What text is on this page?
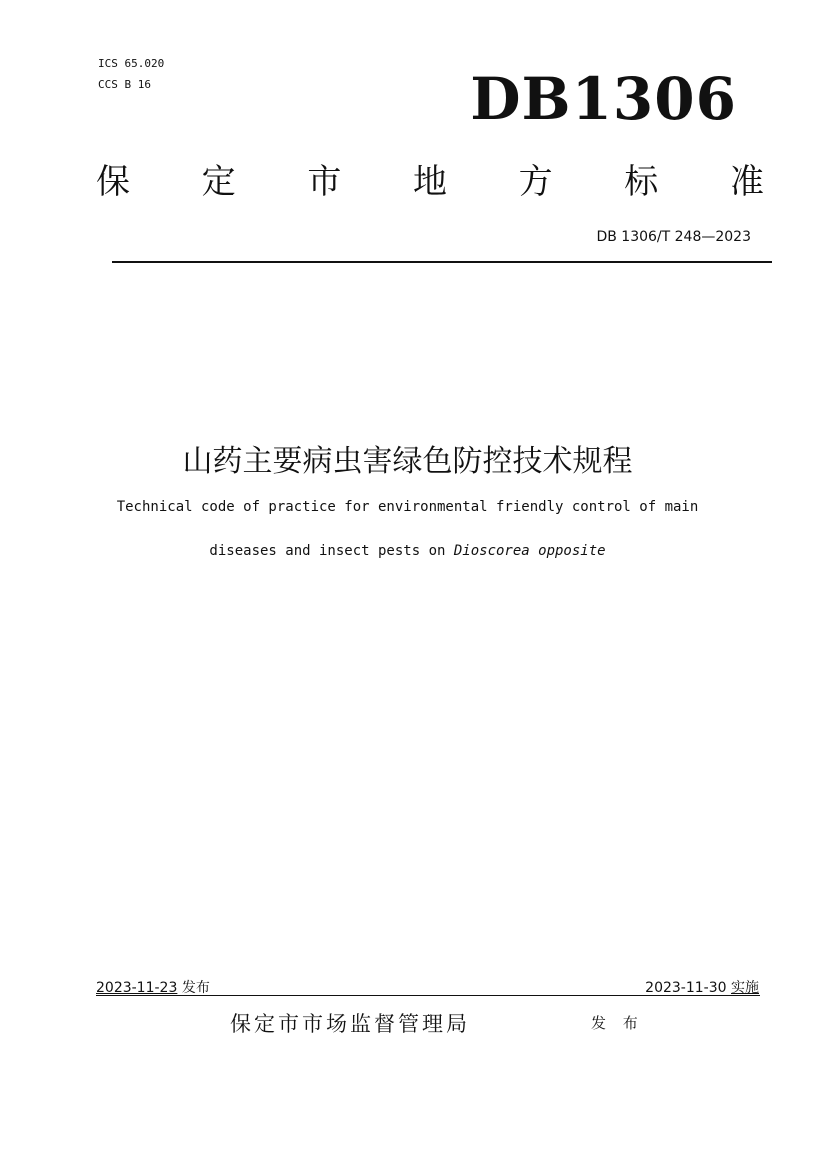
ICS 65.020
CCS B 16	DB1306
保 定 市 地 方 标 准
DB 1306/T 248—2023
山药主要病虫害绿色防控技术规程
Technical code of practice for environmental friendly control of main
diseases and insect pests on Dioscorea opposite
2023-11-23 发布	2023-11-30 实施
保定市市场监督管理局	发 布
